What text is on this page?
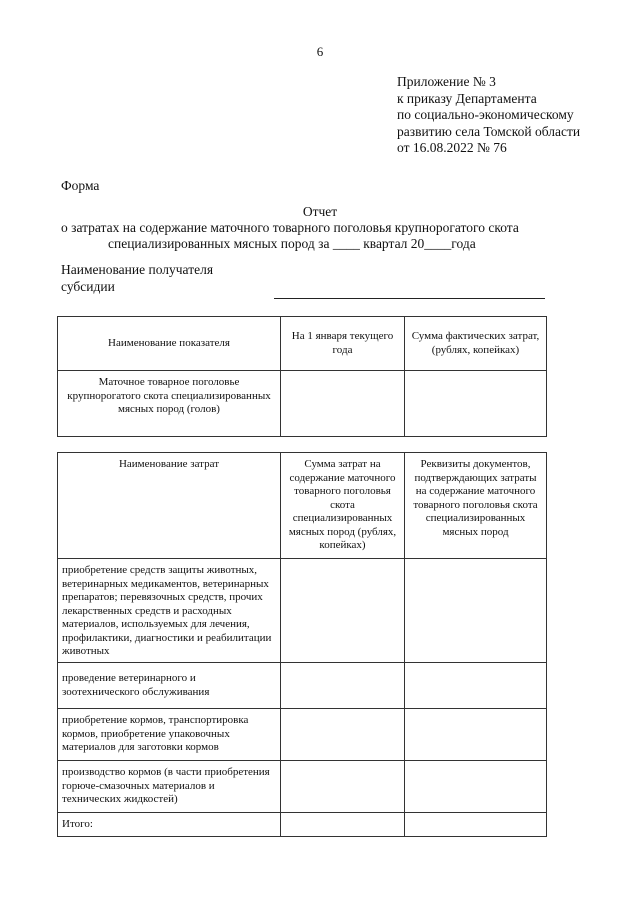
6
Приложение № 3
к приказу Департамента
по социально-экономическому
развитию села Томской области
от 16.08.2022 № 76
Форма
Отчет
о затратах на содержание маточного товарного поголовья крупнорогатого скота
специализированных мясных пород за ____ квартал 20____года
Наименование получателя
субсидии
Наименование показателя	На 1 января текущего года	Сумма фактических затрат, (рублях, копейках)
Маточное товарное поголовье крупнорогатого скота специализированных мясных пород (голов)		
Наименование затрат	Сумма затрат на содержание маточного товарного поголовья скота специализированных мясных пород (рублях, копейках)	Реквизиты документов, подтверждающих затраты на содержание маточного товарного поголовья скота специализированных мясных пород
приобретение средств защиты животных, ветеринарных медикаментов, ветеринарных препаратов; перевязочных средств, прочих лекарственных средств и расходных материалов, используемых для лечения, профилактики, диагностики и реабилитации животных		
проведение ветеринарного и зоотехнического обслуживания		
приобретение кормов, транспортировка кормов, приобретение упаковочных материалов для заготовки кормов		
производство кормов (в части приобретения горюче-смазочных материалов и технических жидкостей)		
Итого:		
